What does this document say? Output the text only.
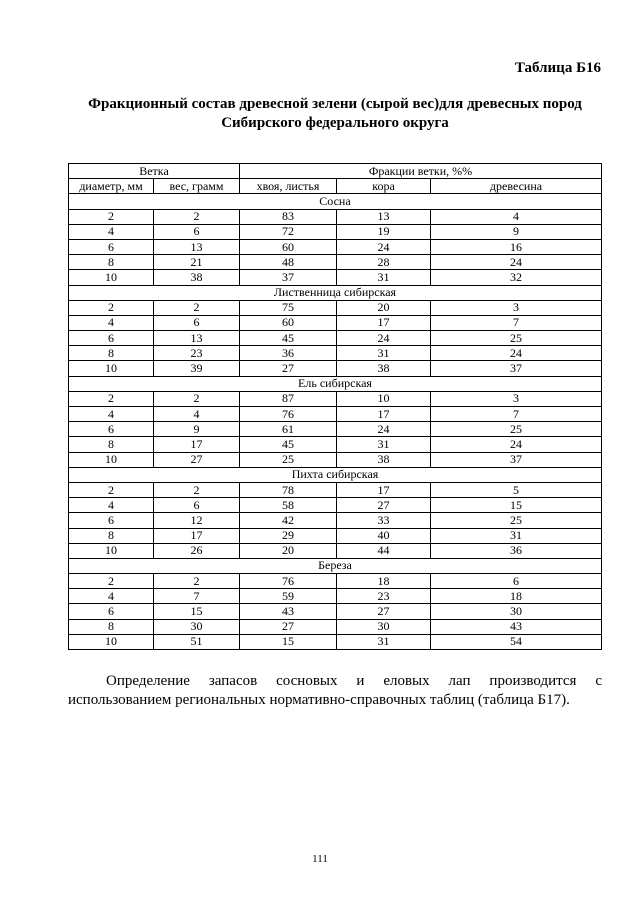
Таблица Б16
Фракционный состав древесной зелени (сырой вес)для древесных пород
Сибирского федерального округа
Ветка		Фракции ветки, %%		
диаметр, мм	вес, грамм	хвоя, листья	кора	древесина
Сосна				
2	2	83	13	4
4	6	72	19	9
6	13	60	24	16
8	21	48	28	24
10	38	37	31	32
Лиственница сибирская				
2	2	75	20	3
4	6	60	17	7
6	13	45	24	25
8	23	36	31	24
10	39	27	38	37
Ель сибирская				
2	2	87	10	3
4	4	76	17	7
6	9	61	24	25
8	17	45	31	24
10	27	25	38	37
Пихта сибирская				
2	2	78	17	5
4	6	58	27	15
6	12	42	33	25
8	17	29	40	31
10	26	20	44	36
Береза				
2	2	76	18	6
4	7	59	23	18
6	15	43	27	30
8	30	27	30	43
10	51	15	31	54
Определение запасов сосновых и еловых лап производится с
использованием региональных нормативно-справочных таблиц (таблица Б17).
111
